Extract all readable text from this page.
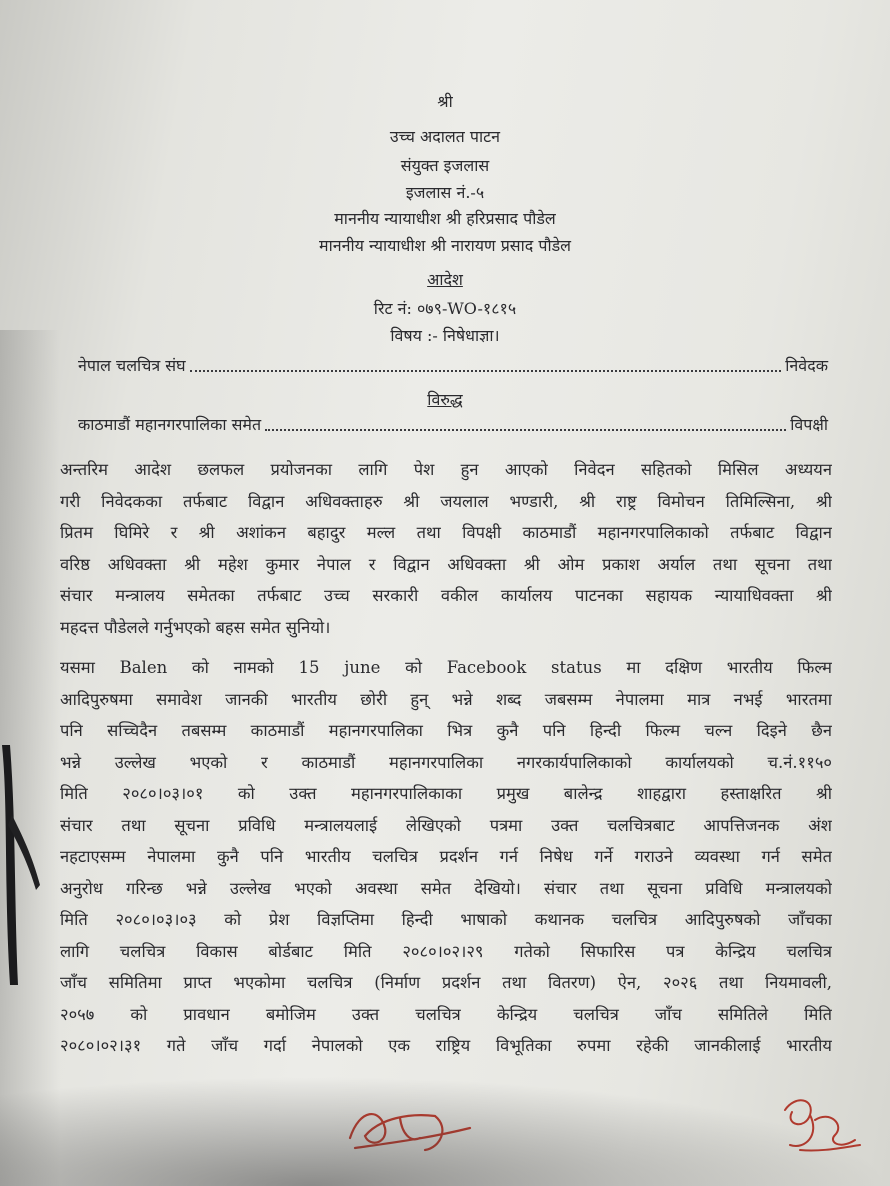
श्री
उच्च अदालत पाटन
संयुक्त इजलास
इजलास नं.-५
माननीय न्यायाधीश श्री हरिप्रसाद पौडेल
माननीय न्यायाधीश श्री नारायण प्रसाद पौडेल
आदेश
रिट नं: ०७९-WO-१८१५
विषय :- निषेधाज्ञा।
नेपाल चलचित्र संघ	निवेदक
विरुद्ध
काठमाडौं महानगरपालिका समेत	विपक्षी
अन्तरिम आदेश छलफल प्रयोजनका लागि पेश हुन आएको निवेदन सहितको मिसिल अध्ययन
गरी निवेदकका तर्फबाट विद्वान अधिवक्ताहरु श्री जयलाल भण्डारी, श्री राष्ट्र विमोचन तिमिल्सिना, श्री
प्रितम घिमिरे र श्री अशांकन बहादुर मल्ल तथा विपक्षी काठमाडौं महानगरपालिकाको तर्फबाट विद्वान
वरिष्ठ अधिवक्ता श्री महेश कुमार नेपाल र विद्वान अधिवक्ता श्री ओम प्रकाश अर्याल तथा सूचना तथा
संचार मन्त्रालय समेतका तर्फबाट उच्च सरकारी वकील कार्यालय पाटनका सहायक न्यायाधिवक्ता श्री
महदत्त पौडेलले गर्नुभएको बहस समेत सुनियो।
यसमा Balen को नामको 15 june को Facebook status मा दक्षिण भारतीय फिल्म
आदिपुरुषमा समावेश जानकी भारतीय छोरी हुन् भन्ने शब्द जबसम्म नेपालमा मात्र नभई भारतमा
पनि सच्चिदैन तबसम्म काठमाडौं महानगरपालिका भित्र कुनै पनि हिन्दी फिल्म चल्न दिइने छैन
भन्ने उल्लेख भएको र काठमाडौं महानगरपालिका नगरकार्यपालिकाको कार्यालयको च.नं.११५०
मिति २०८०।०३।०१ को उक्त महानगरपालिकाका प्रमुख बालेन्द्र शाहद्वारा हस्ताक्षरित श्री
संचार तथा सूचना प्रविधि मन्त्रालयलाई लेखिएको पत्रमा उक्त चलचित्रबाट आपत्तिजनक अंश
नहटाएसम्म नेपालमा कुनै पनि भारतीय चलचित्र प्रदर्शन गर्न निषेध गर्ने गराउने व्यवस्था गर्न समेत
अनुरोध गरिन्छ भन्ने उल्लेख भएको अवस्था समेत देखियो। संचार तथा सूचना प्रविधि मन्त्रालयको
मिति २०८०।०३।०३ को प्रेश विज्ञप्तिमा हिन्दी भाषाको कथानक चलचित्र आदिपुरुषको जाँचका
लागि चलचित्र विकास बोर्डबाट मिति २०८०।०२।२९ गतेको सिफारिस पत्र केन्द्रिय चलचित्र
जाँच समितिमा प्राप्त भएकोमा चलचित्र (निर्माण प्रदर्शन तथा वितरण) ऐन, २०२६ तथा नियमावली,
२०५७ को प्रावधान बमोजिम उक्त चलचित्र केन्द्रिय चलचित्र जाँच समितिले मिति
२०८०।०२।३१ गते जाँच गर्दा नेपालको एक राष्ट्रिय विभूतिका रुपमा रहेकी जानकीलाई भारतीय
